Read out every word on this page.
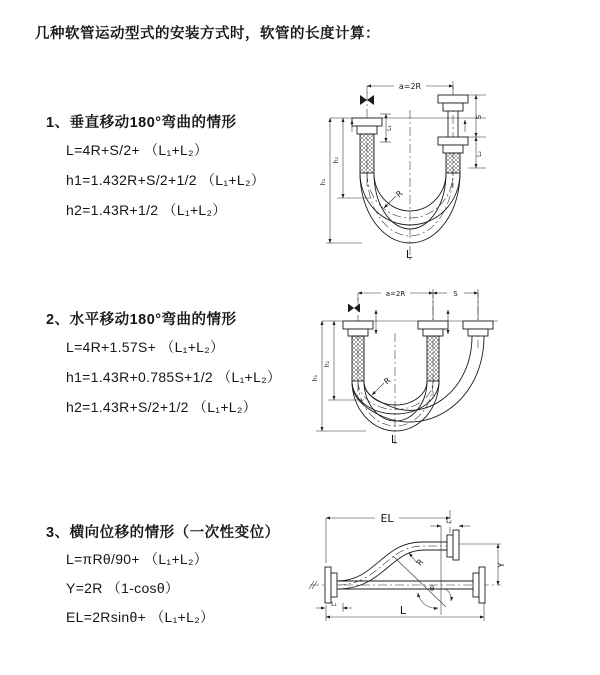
几种软管运动型式的安装方式时，软管的长度计算：
1、垂直移动180°弯曲的情形
L=4R+S/2+ （L₁+L₂）
h1=1.432R+S/2+1/2 （L₁+L₂）
h2=1.43R+1/2 （L₁+L₂）
a=2R
L₁
h₁
h₂
S
L₂
R
L
2、水平移动180°弯曲的情形
L=4R+1.57S+ （L₁+L₂）
h1=1.43R+0.785S+1/2 （L₁+L₂）
h2=1.43R+S/2+1/2 （L₁+L₂）
a=2R	S
h₁
h₂
R
L
3、横向位移的情形（一次性变位）
L=πRθ/90+ （L₁+L₂）
Y=2R （1-cosθ）
EL=2Rsinθ+ （L₁+L₂）
EL	L₂
Y
θ
R
L
L₁
